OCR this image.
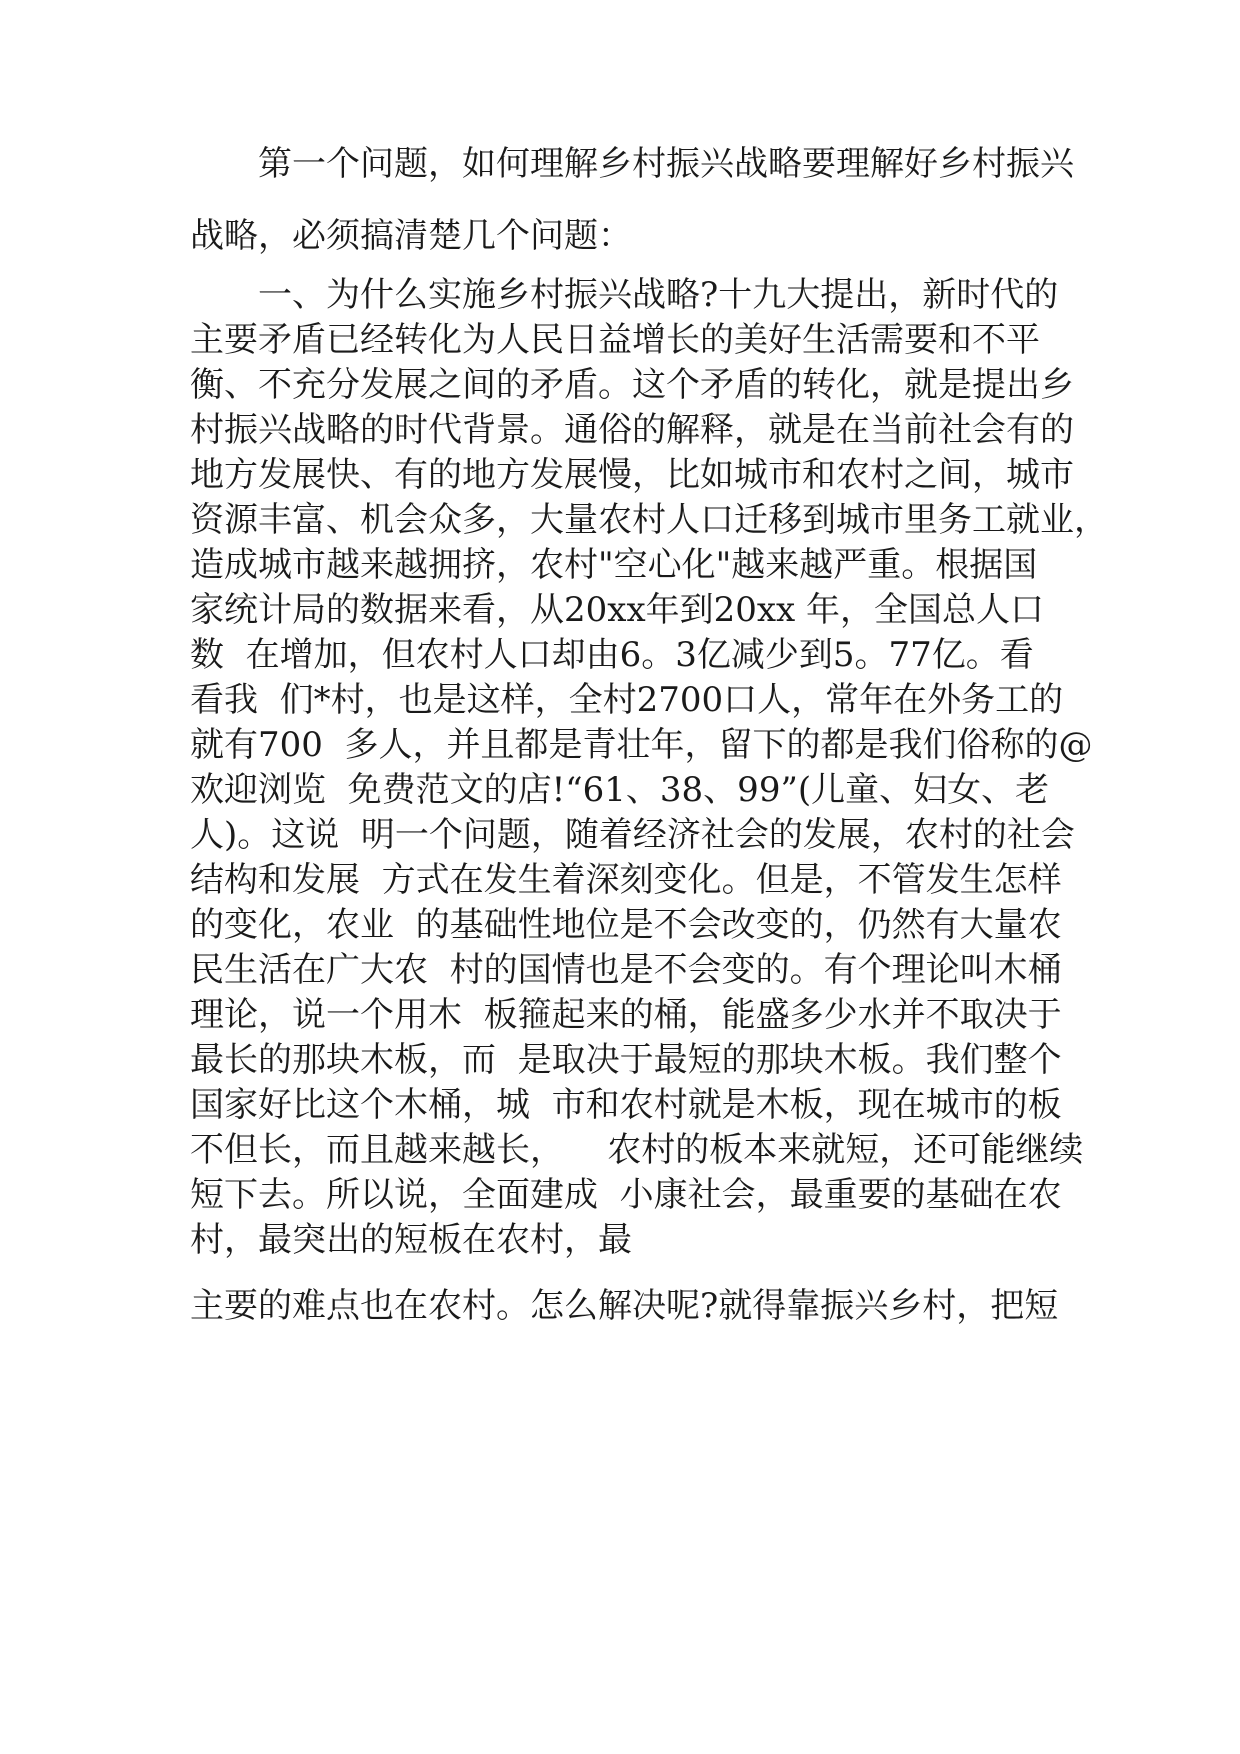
第一个问题，如何理解乡村振兴战略要理解好乡村振兴

战略，必须搞清楚几个问题：

一、为什么实施乡村振兴战略?十九大提出，新时代的

主要矛盾已经转化为人民日益增长的美好生活需要和不平

衡、不充分发展之间的矛盾。这个矛盾的转化，就是提出乡

村振兴战略的时代背景。通俗的解释，就是在当前社会有的

地方发展快、有的地方发展慢，比如城市和农村之间，城市

资源丰富、机会众多，大量农村人口迁移到城市里务工就业，

造成城市越来越拥挤，农村"空心化"越来越严重。根据国

家统计局的数据来看，从20xx年到20xx 年，全国总人口

数  在增加，但农村人口却由6。3亿减少到5。77亿。看

看我  们*村，也是这样，全村2700口人，常年在外务工的

就有700  多人，并且都是青壮年，留下的都是我们俗称的@

欢迎浏览  免费范文的店!“61、38、99”(儿童、妇女、老

人)。这说  明一个问题，随着经济社会的发展，农村的社会

结构和发展  方式在发生着深刻变化。但是，不管发生怎样

的变化，农业  的基础性地位是不会改变的，仍然有大量农

民生活在广大农  村的国情也是不会变的。有个理论叫木桶

理论，说一个用木  板箍起来的桶，能盛多少水并不取决于

最长的那块木板，而  是取决于最短的那块木板。我们整个

国家好比这个木桶，城  市和农村就是木板，现在城市的板

不但长，而且越来越长，    农村的板本来就短，还可能继续

短下去。所以说，全面建成  小康社会，最重要的基础在农

村，最突出的短板在农村，最

主要的难点也在农村。怎么解决呢?就得靠振兴乡村，把短
